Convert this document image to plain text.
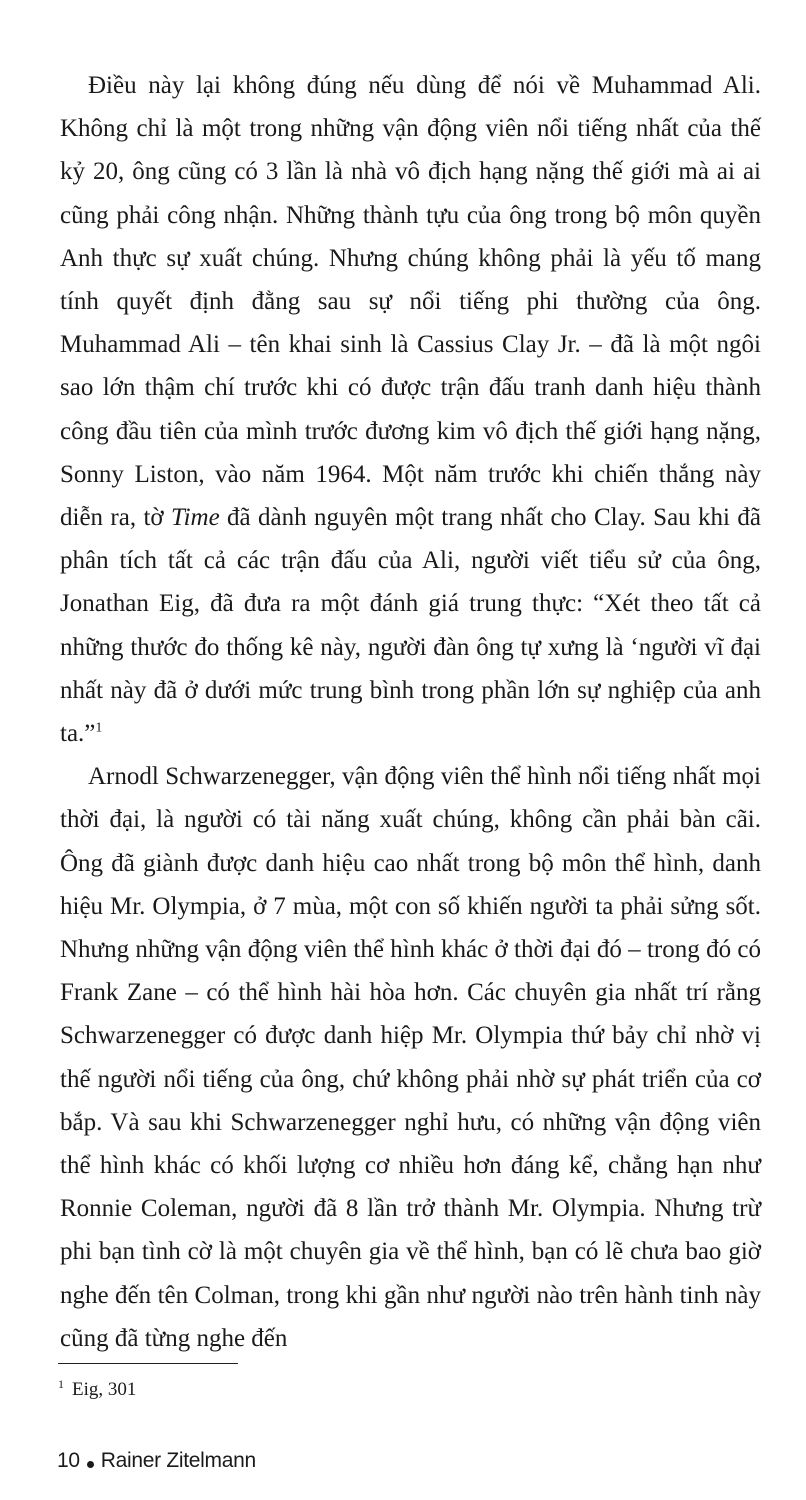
Điều này lại không đúng nếu dùng để nói về Muhammad Ali. Không chỉ là một trong những vận động viên nổi tiếng nhất của thế kỷ 20, ông cũng có 3 lần là nhà vô địch hạng nặng thế giới mà ai ai cũng phải công nhận. Những thành tựu của ông trong bộ môn quyền Anh thực sự xuất chúng. Nhưng chúng không phải là yếu tố mang tính quyết định đằng sau sự nổi tiếng phi thường của ông. Muhammad Ali – tên khai sinh là Cassius Clay Jr. – đã là một ngôi sao lớn thậm chí trước khi có được trận đấu tranh danh hiệu thành công đầu tiên của mình trước đương kim vô địch thế giới hạng nặng, Sonny Liston, vào năm 1964. Một năm trước khi chiến thắng này diễn ra, tờ Time đã dành nguyên một trang nhất cho Clay. Sau khi đã phân tích tất cả các trận đấu của Ali, người viết tiểu sử của ông, Jonathan Eig, đã đưa ra một đánh giá trung thực: “Xét theo tất cả những thước đo thống kê này, người đàn ông tự xưng là ‘người vĩ đại nhất này đã ở dưới mức trung bình trong phần lớn sự nghiệp của anh ta.”$^1$

Arnodl Schwarzenegger, vận động viên thể hình nổi tiếng nhất mọi thời đại, là người có tài năng xuất chúng, không cần phải bàn cãi. Ông đã giành được danh hiệu cao nhất trong bộ môn thể hình, danh hiệu Mr. Olympia, ở 7 mùa, một con số khiến người ta phải sửng sốt. Nhưng những vận động viên thể hình khác ở thời đại đó – trong đó có Frank Zane – có thể hình hài hòa hơn. Các chuyên gia nhất trí rằng Schwarzenegger có được danh hiệp Mr. Olympia thứ bảy chỉ nhờ vị thế người nổi tiếng của ông, chứ không phải nhờ sự phát triển của cơ bắp. Và sau khi Schwarzenegger nghỉ hưu, có những vận động viên thể hình khác có khối lượng cơ nhiều hơn đáng kể, chẳng hạn như Ronnie Coleman, người đã 8 lần trở thành Mr. Olympia. Nhưng trừ phi bạn tình cờ là một chuyên gia về thể hình, bạn có lẽ chưa bao giờ nghe đến tên Colman, trong khi gần như người nào trên hành tinh này cũng đã từng nghe đến

$^1$ Eig, 301
10 Rainer Zitelmann
